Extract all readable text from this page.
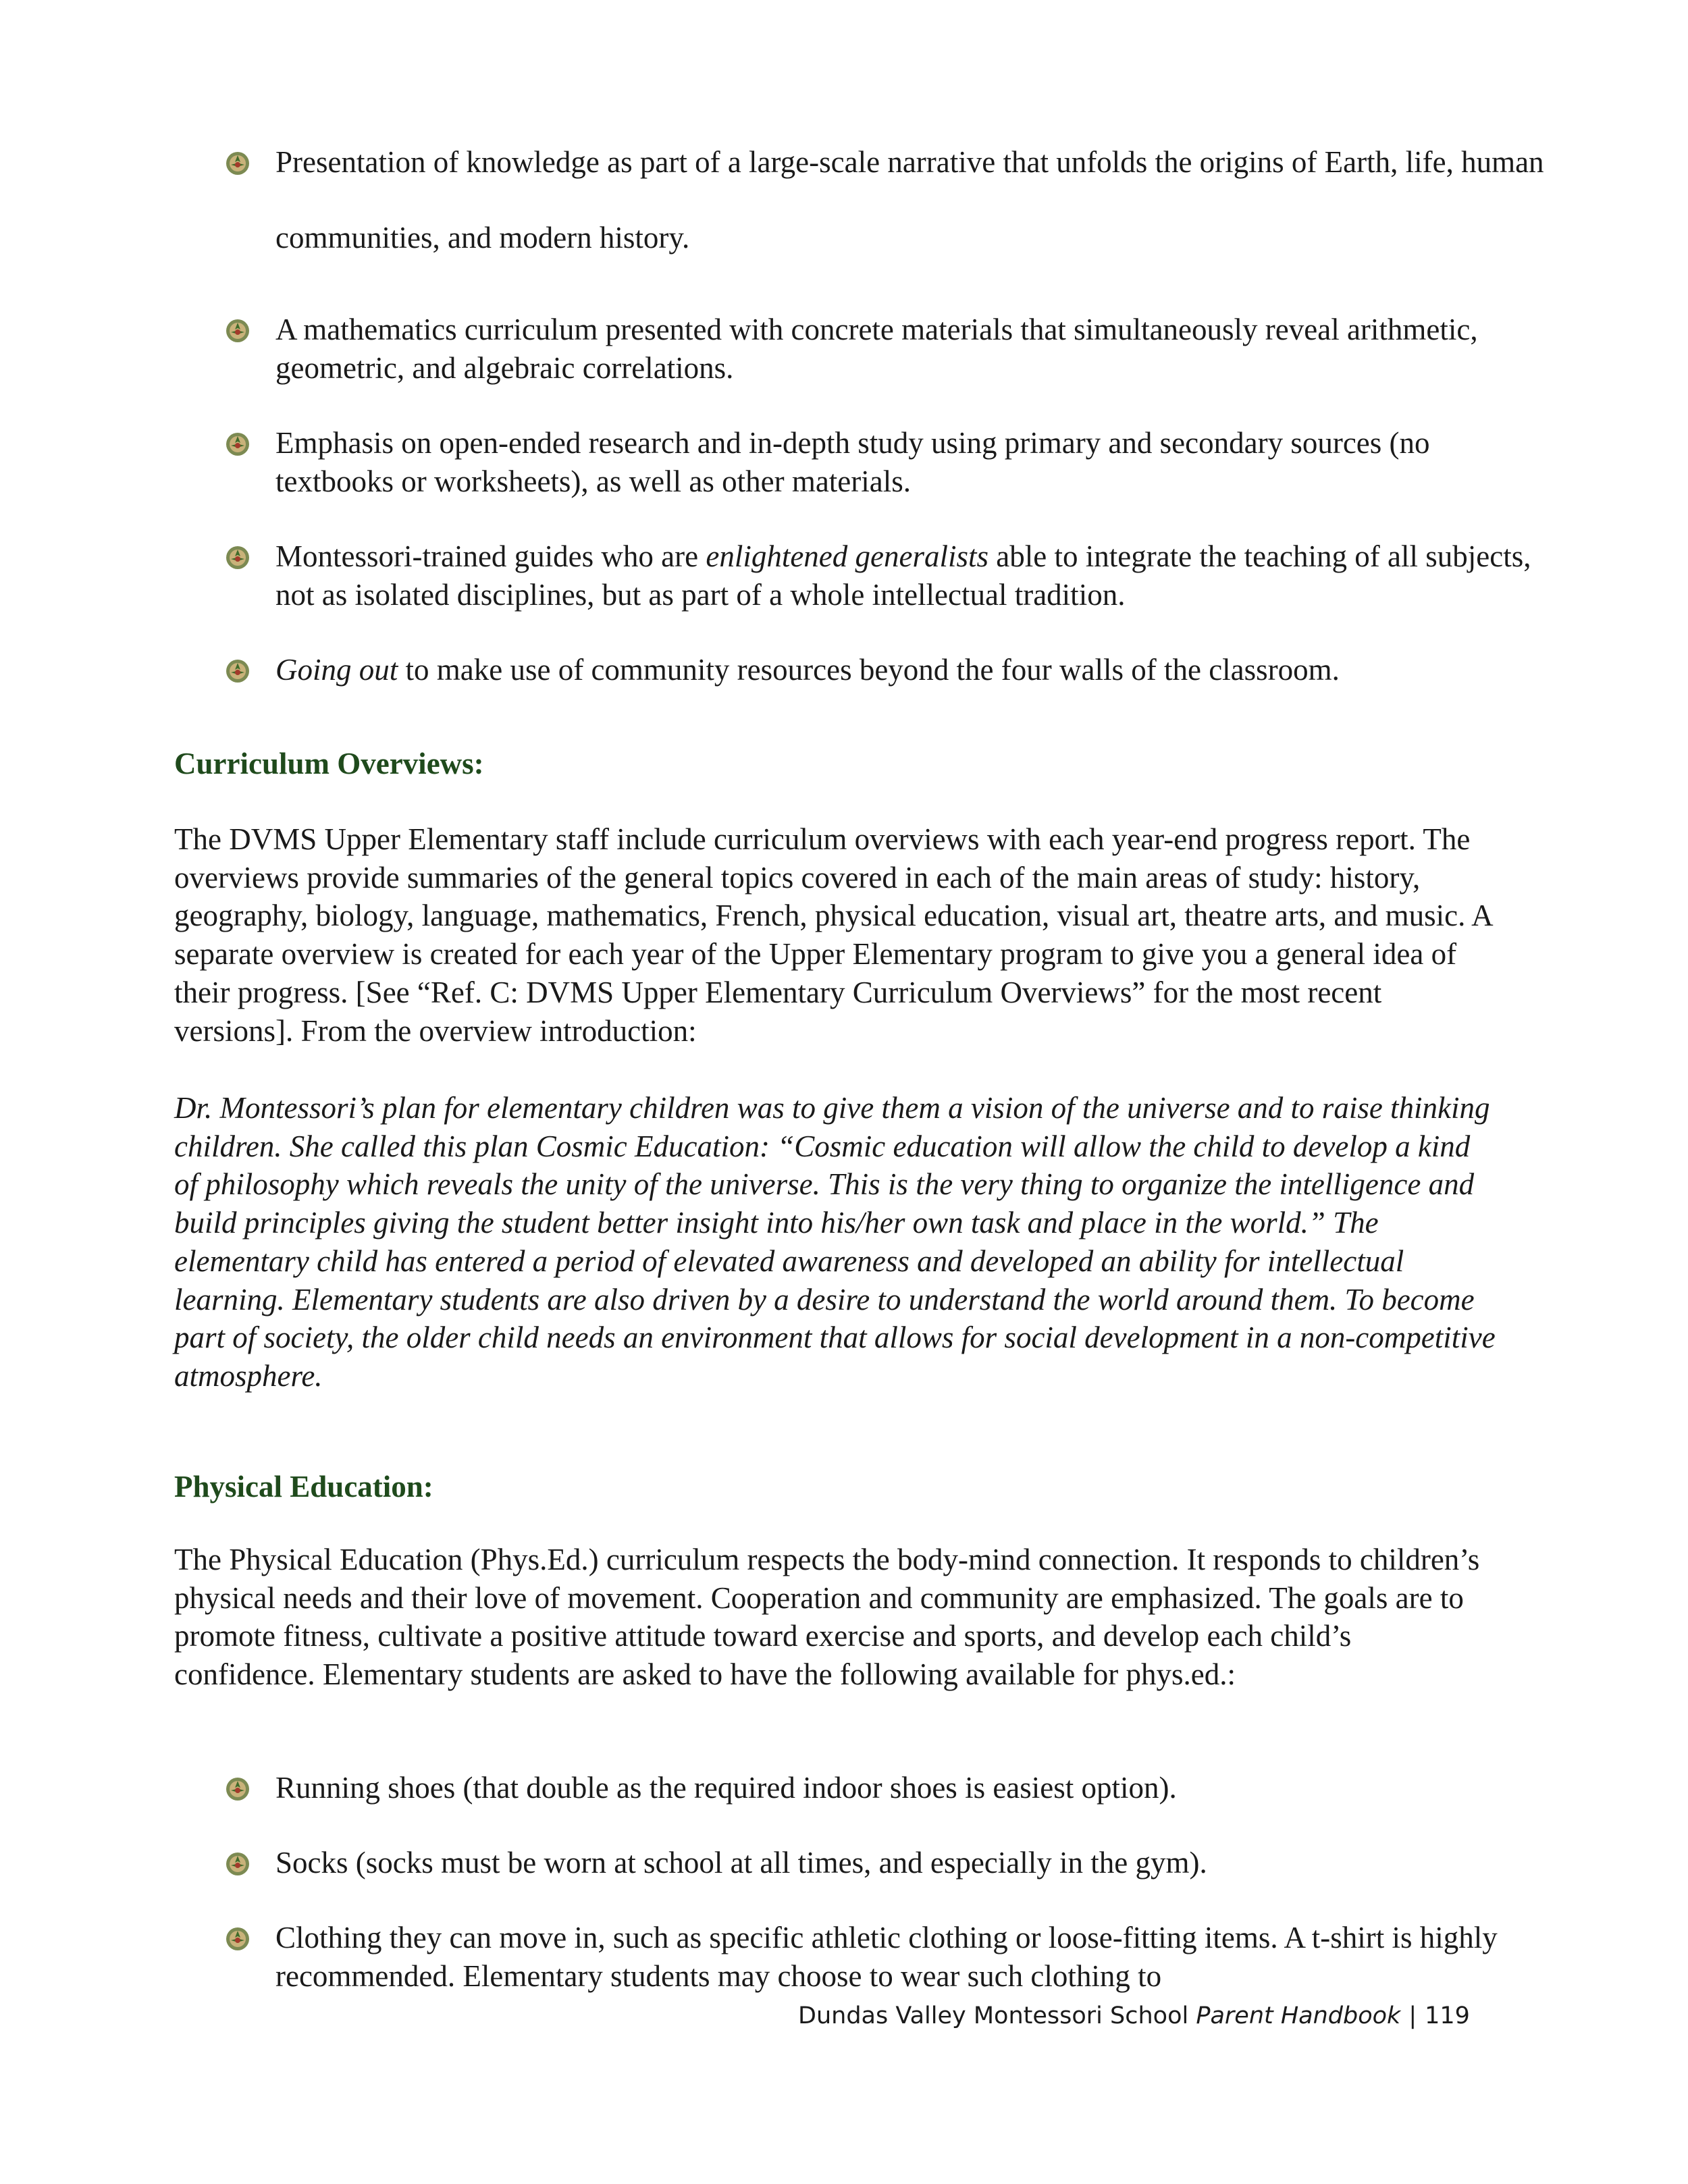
Presentation of knowledge as part of a large-scale narrative that unfolds the origins of Earth, life, human communities, and modern history.
A mathematics curriculum presented with concrete materials that simultaneously reveal arithmetic, geometric, and algebraic correlations.
Emphasis on open-ended research and in-depth study using primary and secondary sources (no textbooks or worksheets), as well as other materials.
Montessori-trained guides who are enlightened generalists able to integrate the teaching of all subjects, not as isolated disciplines, but as part of a whole intellectual tradition.
Going out to make use of community resources beyond the four walls of the classroom.
Curriculum Overviews:

The DVMS Upper Elementary staff include curriculum overviews with each year-end progress report. The overviews provide summaries of the general topics covered in each of the main areas of study: history, geography, biology, language, mathematics, French, physical education, visual art, theatre arts, and music. A separate overview is created for each year of the Upper Elementary program to give you a general idea of their progress. [See “Ref. C: DVMS Upper Elementary Curriculum Overviews” for the most recent versions]. From the overview introduction:

Dr. Montessori’s plan for elementary children was to give them a vision of the universe and to raise thinking children. She called this plan Cosmic Education: “Cosmic education will allow the child to develop a kind of philosophy which reveals the unity of the universe. This is the very thing to organize the intelligence and build principles giving the student better insight into his/her own task and place in the world.” The elementary child has entered a period of elevated awareness and developed an ability for intellectual learning. Elementary students are also driven by a desire to understand the world around them. To become part of society, the older child needs an environment that allows for social development in a non-competitive atmosphere.

Physical Education:

The Physical Education (Phys.Ed.) curriculum respects the body-mind connection. It responds to children’s physical needs and their love of movement. Cooperation and community are emphasized. The goals are to promote fitness, cultivate a positive attitude toward exercise and sports, and develop each child’s confidence. Elementary students are asked to have the following available for phys.ed.:

Running shoes (that double as the required indoor shoes is easiest option).
Socks (socks must be worn at school at all times, and especially in the gym).
Clothing they can move in, such as specific athletic clothing or loose-fitting items. A t-shirt is highly recommended. Elementary students may choose to wear such clothing to
Dundas Valley Montessori School Parent Handbook | 119
